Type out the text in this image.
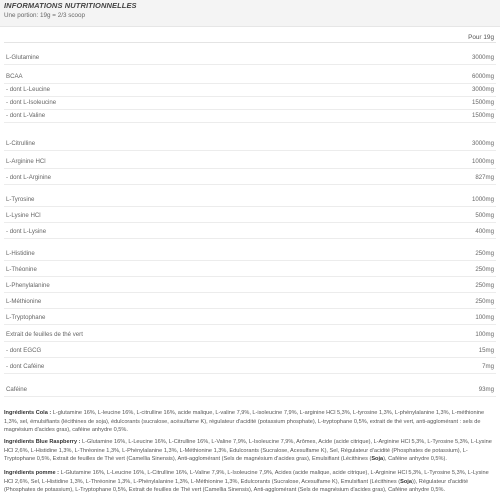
INFORMATIONS NUTRITIONNELLES
Une portion: 19g = 2/3 scoop
Pour 19g
L-Glutamine	3000mg
BCAA	6000mg
- dont L-Leucine	3000mg
- dont L-Isoleucine	1500mg
- dont L-Valine	1500mg
L-Citrulline	3000mg
L-Arginine HCl	1000mg
- dont L-Arginine	827mg
L-Tyrosine	1000mg
L-Lysine HCl	500mg
- dont L-Lysine	400mg
L-Histidine	250mg
L-Théonine	250mg
L-Phenylalanine	250mg
L-Méthionine	250mg
L-Tryptophane	100mg
Extrait de feuilles de thé vert	100mg
- dont EGCG	15mg
- dont Caféine	7mg
Caféine	93mg

Ingrédients Cola : L-glutamine 16%, L-leucine 16%, L-citrulline 16%, acide malique, L-valine 7,9%, L-isoleucine 7,9%, L-arginine HCl 5,3%, L-tyrosine 1,3%, L-phénylalanine 1,3%, L-méthionine 1,3%, sel, émulsifiants (lécithines de soja), édulcorants (sucralose, acésulfame K), régulateur d'acidité (potassium phosphate), L-tryptophane 0,5%, extrait de thé vert, anti-agglomérant : sels de magnésium d'acides gras), caféine anhydre 0,5%.

Ingrédients Blue Raspberry : L-Glutamine 16%, L-Leucine 16%, L-Citrulline 16%, L-Valine 7,9%, L-Isoleucine 7,9%, Arômes, Acide (acide citrique), L-Arginine HCl 5,3%, L-Tyrosine 5,3%, L-Lysine HCl 2,6%, L-Histidine 1,3%, L-Thréonine 1,3%, L-Phénylalanine 1,3%, L-Méthionine 1,3%, Edulcorants (Sucralose, Acesulfame K), Sel, Régulateur d'acidité (Phosphates de potassium), L-Tryptophane 0,5%, Extrait de feuilles de Thé vert (Camellia Sinensis), Anti-agglomérant (Sels de magnésium d'acides gras), Emulsifiant (Lécithines (Soja), Caféine anhydre 0,5%).

Ingrédients pomme : L-Glutamine 16%, L-Leucine 16%, L-Citrulline 16%, L-Valine 7,9%, L-Isoleucine 7,9%, Acides (acide malique, acide citrique), L-Arginine HCl 5,3%, L-Tyrosine 5,3%, L-Lysine HCl 2,6%, Sel, L-Histidine 1,3%, L-Thréonine 1,3%, L-Phénylalanine 1,3%, L-Méthionine 1,3%, Edulcorants (Sucralose, Acesulfame K), Emulsifiant (Lécithines (Soja)), Régulateur d'acidité (Phosphates de potassium), L-Tryptophane 0,5%, Extrait de feuilles de Thé vert (Camellia Sinensis), Anti-agglomérant (Sels de magnésium d'acides gras), Caféine anhydre 0,5%.
